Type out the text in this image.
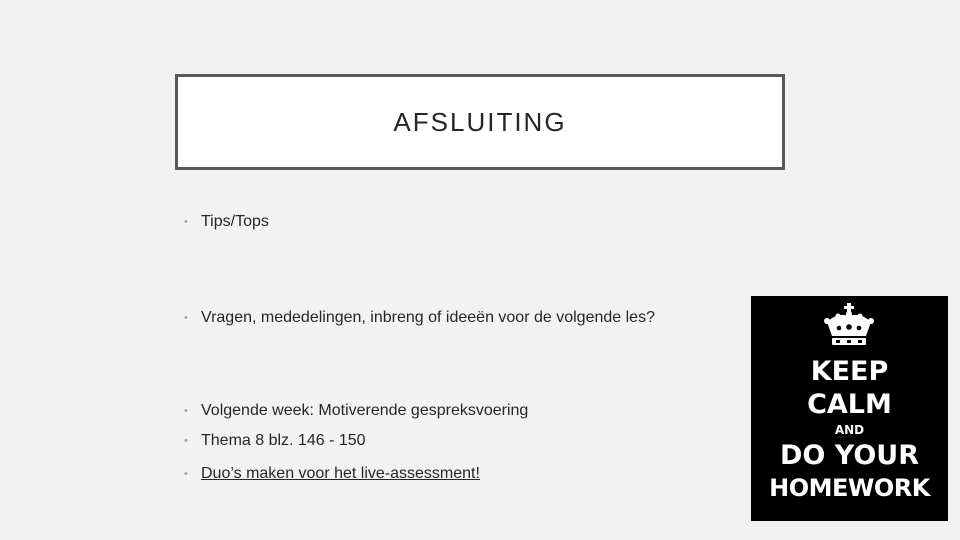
AFSLUITING
• Tips/Tops
• Vragen, mededelingen, inbreng of ideeën voor de volgende les?
• Volgende week: Motiverende gespreksvoering
• Thema 8 blz. 146 - 150
• Duo’s maken voor het live-assessment!
KEEP
CALM
AND
DO YOUR
HOMEWORK
